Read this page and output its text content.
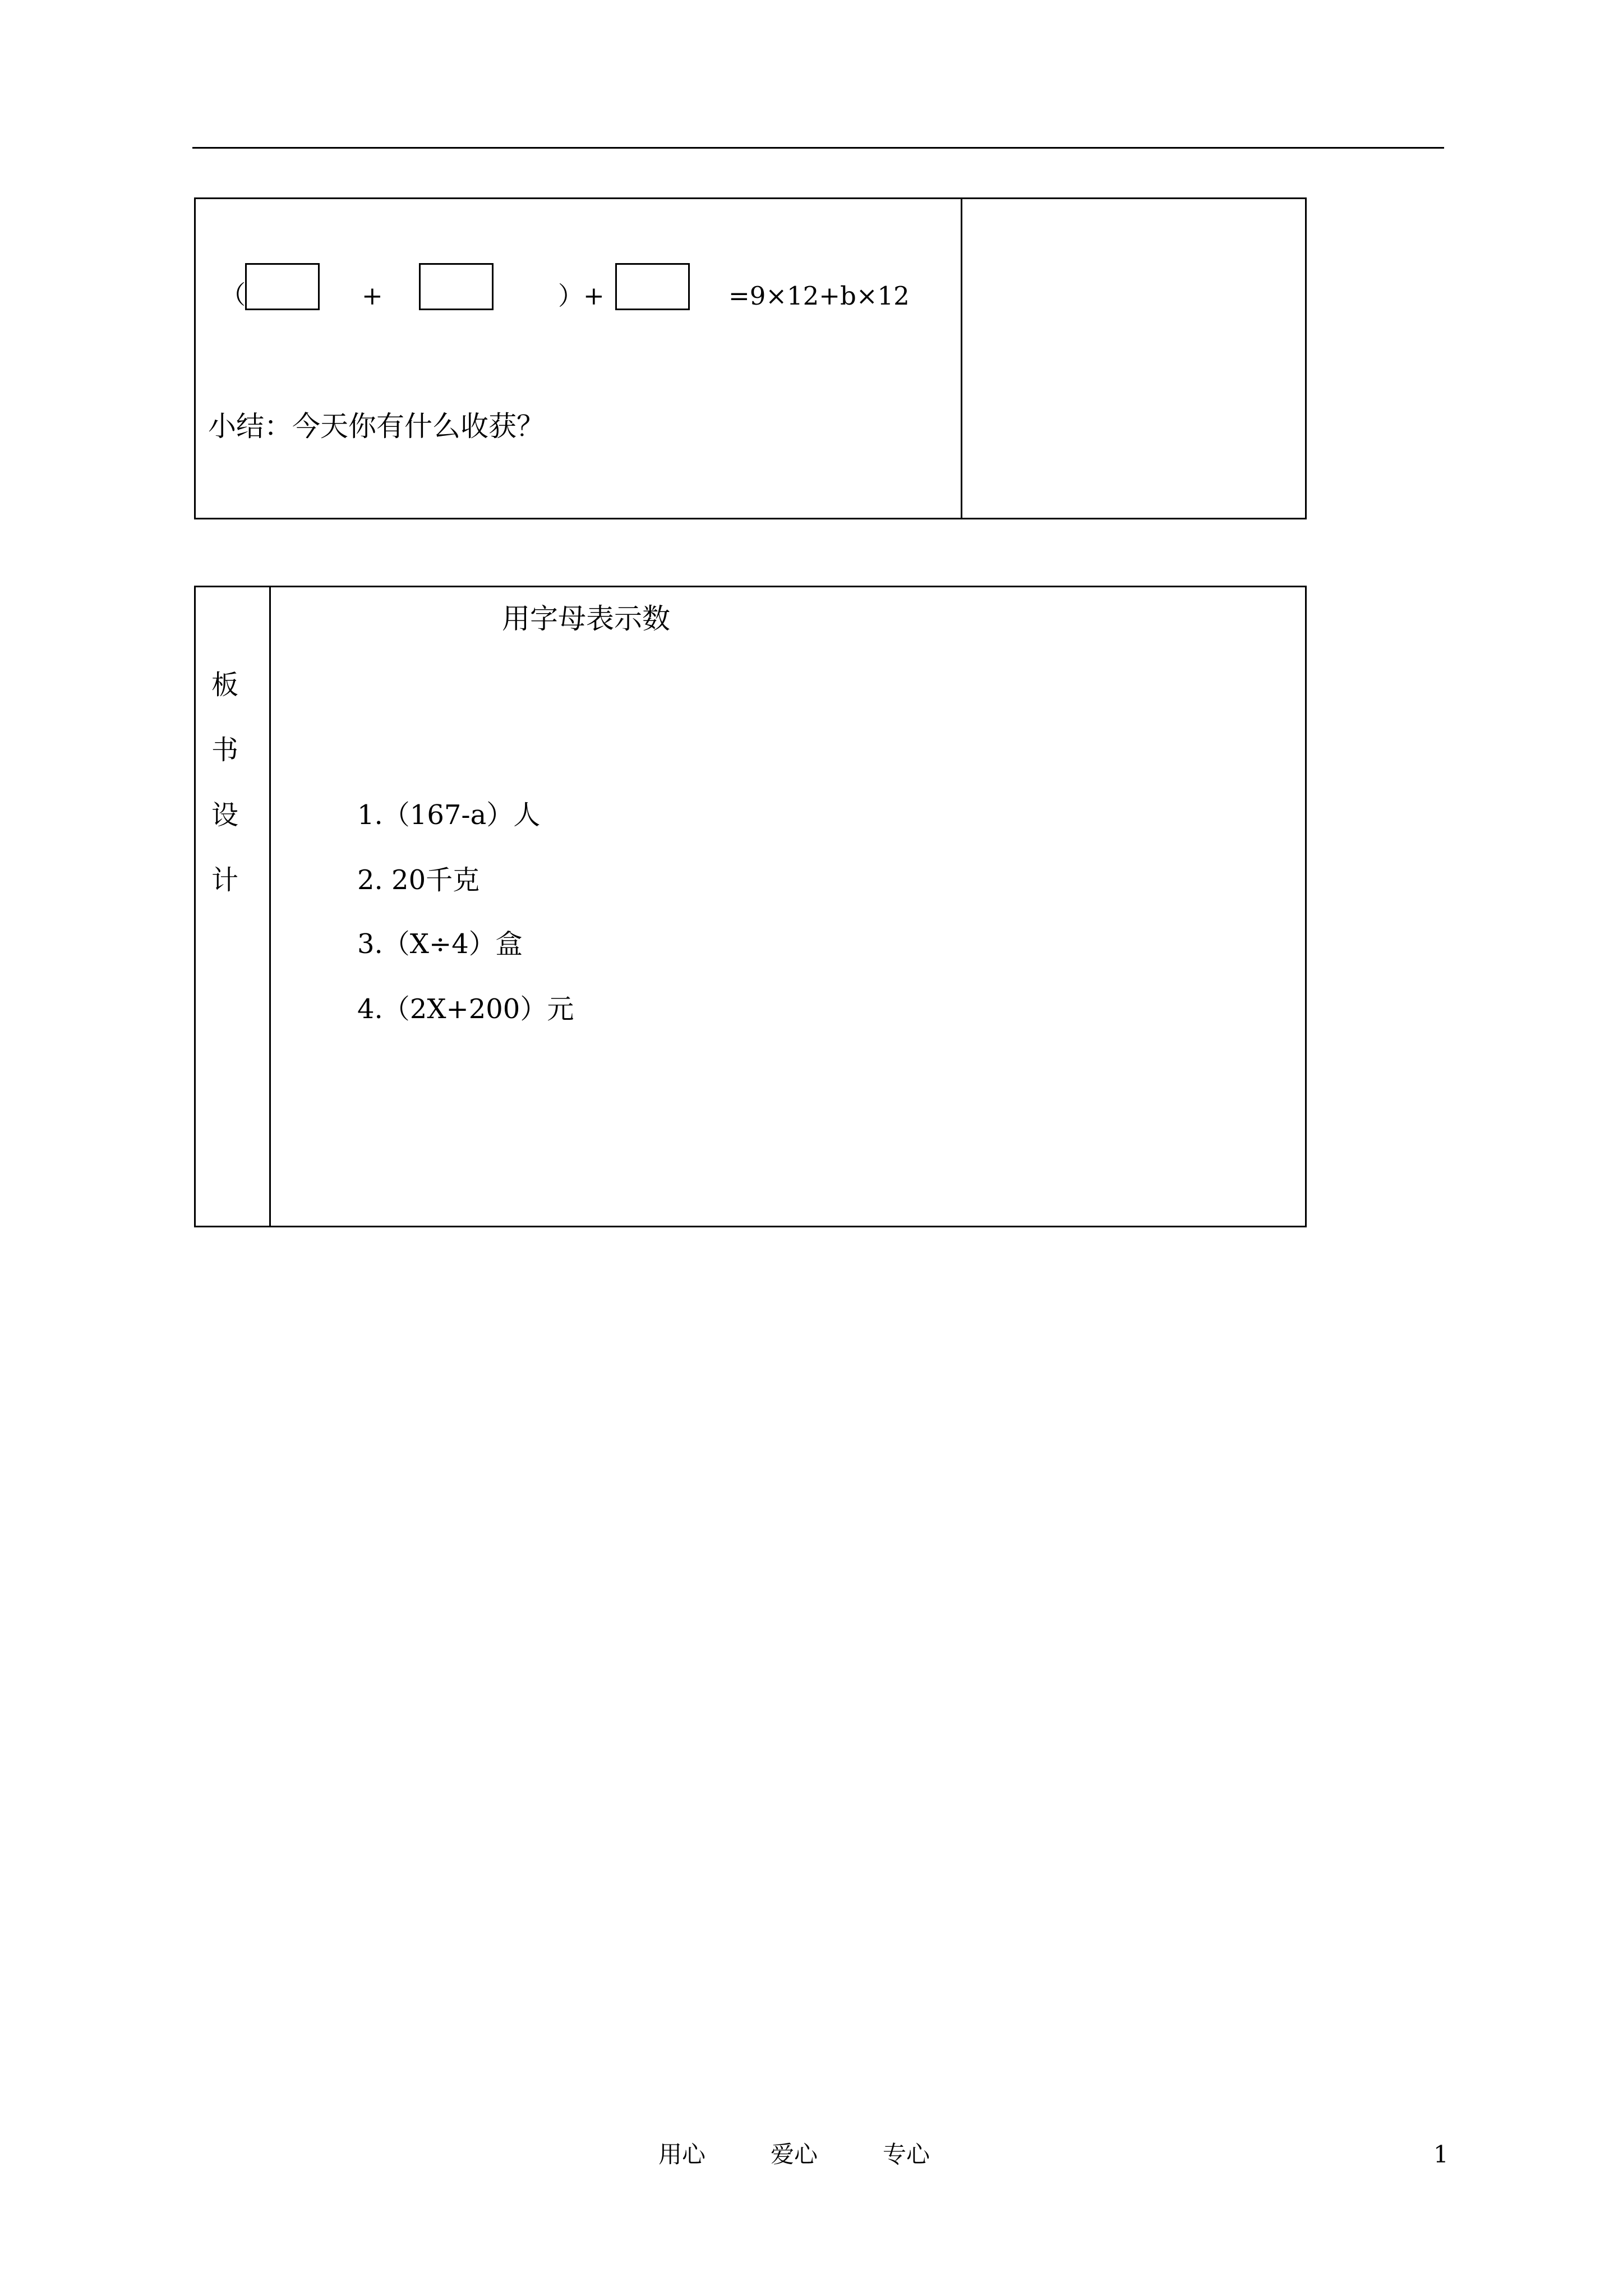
（	+	）+	=9×12+b×12
小结：今天你有什么收获？
板
书
设
计
用字母表示数
1.（167-a）人
2. 20千克
3.（X÷4）盒
4.（2X+200）元
用心	爱心	专心	1
